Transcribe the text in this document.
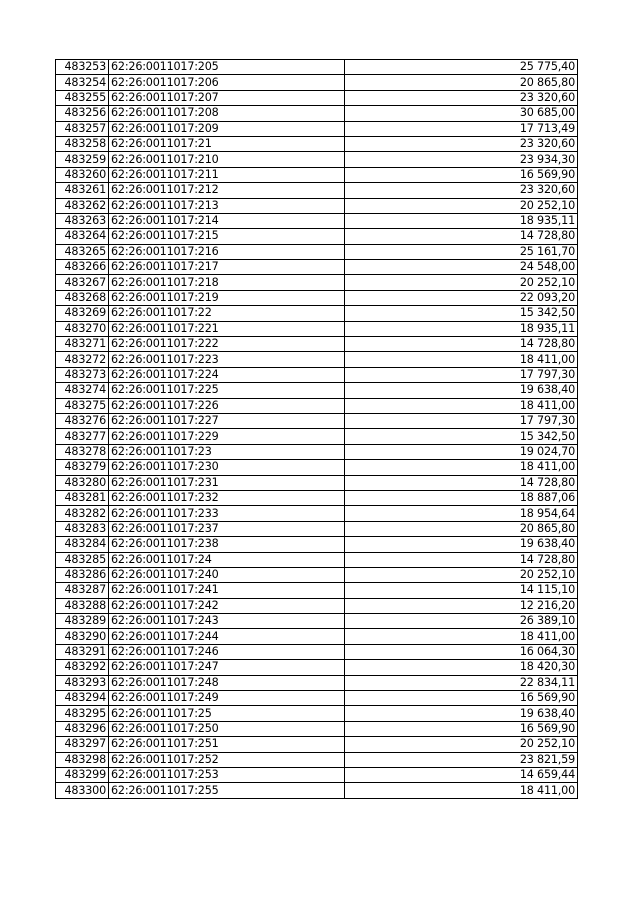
483253	62:26:0011017:205	25 775,40
483254	62:26:0011017:206	20 865,80
483255	62:26:0011017:207	23 320,60
483256	62:26:0011017:208	30 685,00
483257	62:26:0011017:209	17 713,49
483258	62:26:0011017:21	23 320,60
483259	62:26:0011017:210	23 934,30
483260	62:26:0011017:211	16 569,90
483261	62:26:0011017:212	23 320,60
483262	62:26:0011017:213	20 252,10
483263	62:26:0011017:214	18 935,11
483264	62:26:0011017:215	14 728,80
483265	62:26:0011017:216	25 161,70
483266	62:26:0011017:217	24 548,00
483267	62:26:0011017:218	20 252,10
483268	62:26:0011017:219	22 093,20
483269	62:26:0011017:22	15 342,50
483270	62:26:0011017:221	18 935,11
483271	62:26:0011017:222	14 728,80
483272	62:26:0011017:223	18 411,00
483273	62:26:0011017:224	17 797,30
483274	62:26:0011017:225	19 638,40
483275	62:26:0011017:226	18 411,00
483276	62:26:0011017:227	17 797,30
483277	62:26:0011017:229	15 342,50
483278	62:26:0011017:23	19 024,70
483279	62:26:0011017:230	18 411,00
483280	62:26:0011017:231	14 728,80
483281	62:26:0011017:232	18 887,06
483282	62:26:0011017:233	18 954,64
483283	62:26:0011017:237	20 865,80
483284	62:26:0011017:238	19 638,40
483285	62:26:0011017:24	14 728,80
483286	62:26:0011017:240	20 252,10
483287	62:26:0011017:241	14 115,10
483288	62:26:0011017:242	12 216,20
483289	62:26:0011017:243	26 389,10
483290	62:26:0011017:244	18 411,00
483291	62:26:0011017:246	16 064,30
483292	62:26:0011017:247	18 420,30
483293	62:26:0011017:248	22 834,11
483294	62:26:0011017:249	16 569,90
483295	62:26:0011017:25	19 638,40
483296	62:26:0011017:250	16 569,90
483297	62:26:0011017:251	20 252,10
483298	62:26:0011017:252	23 821,59
483299	62:26:0011017:253	14 659,44
483300	62:26:0011017:255	18 411,00
